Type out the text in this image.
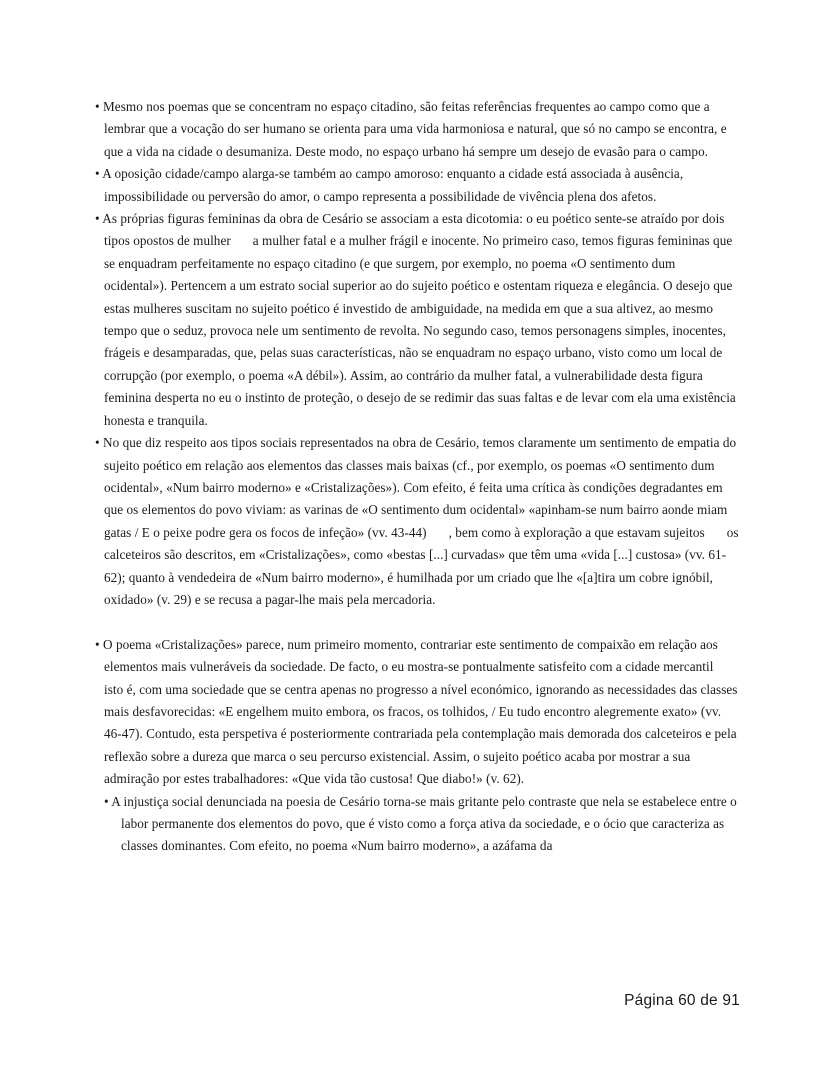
• Mesmo nos poemas que se concentram no espaço citadino, são feitas referências frequentes ao campo como que a lembrar que a vocação do ser humano se orienta para uma vida harmoniosa e natural, que só no campo se encontra, e que a vida na cidade o desumaniza. Deste modo, no espaço urbano há sempre um desejo de evasão para o campo.

• A oposição cidade/campo alarga-se também ao campo amoroso: enquanto a cidade está associada à ausência, impossibilidade ou perversão do amor, o campo representa a possibilidade de vivência plena dos afetos.

• As próprias figuras femininas da obra de Cesário se associam a esta dicotomia: o eu poético sente-se atraído por dois tipos opostos de mulher a mulher fatal e a mulher frágil e inocente. No primeiro caso, temos figuras femininas que se enquadram perfeitamente no espaço citadino (e que surgem, por exemplo, no poema «O sentimento dum ocidental»). Pertencem a um estrato social superior ao do sujeito poético e ostentam riqueza e elegância. O desejo que estas mulheres suscitam no sujeito poético é investido de ambiguidade, na medida em que a sua altivez, ao mesmo tempo que o seduz, provoca nele um sentimento de revolta. No segundo caso, temos personagens simples, inocentes, frágeis e desamparadas, que, pelas suas características, não se enquadram no espaço urbano, visto como um local de corrupção (por exemplo, o poema «A débil»). Assim, ao contrário da mulher fatal, a vulnerabilidade desta figura feminina desperta no eu o instinto de proteção, o desejo de se redimir das suas faltas e de levar com ela uma existência honesta e tranquila.

• No que diz respeito aos tipos sociais representados na obra de Cesário, temos claramente um sentimento de empatia do sujeito poético em relação aos elementos das classes mais baixas (cf., por exemplo, os poemas «O sentimento dum ocidental», «Num bairro moderno» e «Cristalizações»). Com efeito, é feita uma crítica às condições degradantes em que os elementos do povo viviam: as varinas de «O sentimento dum ocidental» «apinham-se num bairro aonde miam gatas / E o peixe podre gera os focos de infeção» (vv. 43-44) , bem como à exploração a que estavam sujeitos os calceteiros são descritos, em «Cristalizações», como «bestas [...] curvadas» que têm uma «vida [...] custosa» (vv. 61-62); quanto à vendedeira de «Num bairro moderno», é humilhada por um criado que lhe «[a]tira um cobre ignóbil, oxidado» (v. 29) e se recusa a pagar-lhe mais pela mercadoria.

• O poema «Cristalizações» parece, num primeiro momento, contrariar este sentimento de compaixão em relação aos elementos mais vulneráveis da sociedade. De facto, o eu mostra-se pontualmente satisfeito com a cidade mercantilisto é, com uma sociedade que se centra apenas no progresso a nível económico, ignorando as necessidades das classes mais desfavorecidas: «E engelhem muito embora, os fracos, os tolhidos, / Eu tudo encontro alegremente exato» (vv. 46-47). Contudo, esta perspetiva é posteriormente contrariada pela contemplação mais demorada dos calceteiros e pela reflexão sobre a dureza que marca o seu percurso existencial. Assim, o sujeito poético acaba por mostrar a sua admiração por estes trabalhadores: «Que vida tão custosa! Que diabo!» (v. 62).

• A injustiça social denunciada na poesia de Cesário torna-se mais gritante pelo contraste que nela se estabelece entre o labor permanente dos elementos do povo, que é visto como a força ativa da sociedade, e o ócio que caracteriza as classes dominantes. Com efeito, no poema «Num bairro moderno», a azáfama da

Página 60 de 91
